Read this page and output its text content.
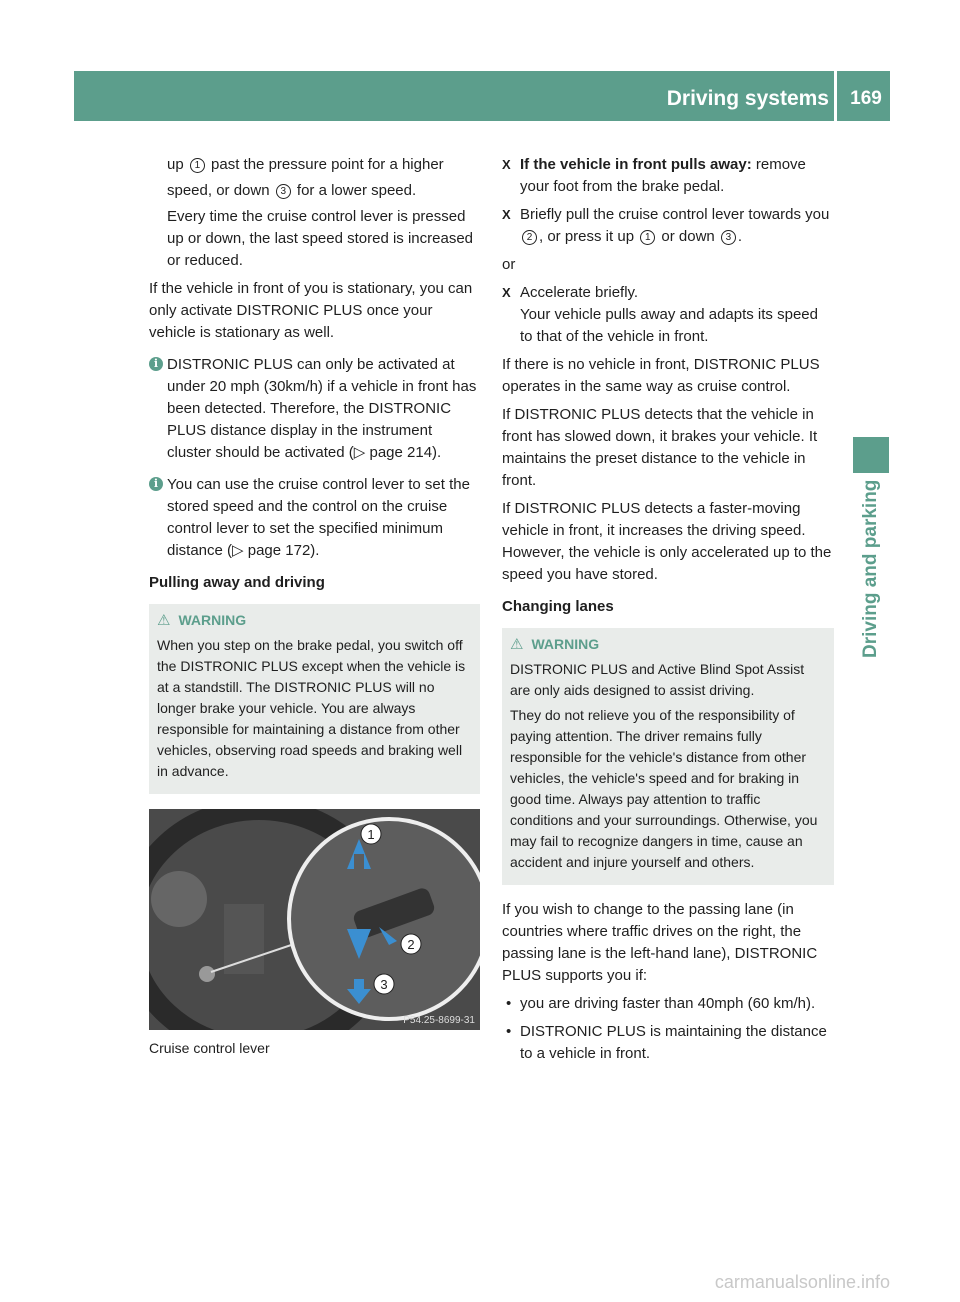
Driving systems	169
Driving and parking
up 1 past the pressure point for a higher
speed, or down 3 for a lower speed.

Every time the cruise control lever is pressed up or down, the last speed stored is increased or reduced.

If the vehicle in front of you is stationary, you can only activate DISTRONIC PLUS once your vehicle is stationary as well.

i DISTRONIC PLUS can only be activated at under 20 mph (30km/h) if a vehicle in front has been detected. Therefore, the DISTRONIC PLUS distance display in the instrument cluster should be activated (▷ page 214).
i You can use the cruise control lever to set the stored speed and the control on the cruise control lever to set the specified minimum distance (▷ page 172).
Pulling away and driving
⚠ WARNING

When you step on the brake pedal, you switch off the DISTRONIC PLUS except when the vehicle is at a standstill. The DISTRONIC PLUS will no longer brake your vehicle. You are always responsible for maintaining a distance from other vehicles, observing road speeds and braking well in advance.

1
2
3
P54.25-8699-31
Cruise control lever
X If the vehicle in front pulls away: remove your foot from the brake pedal.
X Briefly pull the cruise control lever towards you 2 , or press it up 1 or down 3 .

or

X Accelerate briefly.
Your vehicle pulls away and adapts its speed to that of the vehicle in front.

If there is no vehicle in front, DISTRONIC PLUS operates in the same way as cruise control.

If DISTRONIC PLUS detects that the vehicle in front has slowed down, it brakes your vehicle. It maintains the preset distance to the vehicle in front.

If DISTRONIC PLUS detects a faster-moving vehicle in front, it increases the driving speed. However, the vehicle is only accelerated up to the speed you have stored.

Changing lanes
⚠ WARNING

DISTRONIC PLUS and Active Blind Spot Assist are only aids designed to assist driving.

They do not relieve you of the responsibility of paying attention. The driver remains fully responsible for the vehicle's distance from other vehicles, the vehicle's speed and for braking in good time. Always pay attention to traffic conditions and your surroundings. Otherwise, you may fail to recognize dangers in time, cause an accident and injure yourself and others.

If you wish to change to the passing lane (in countries where traffic drives on the right, the passing lane is the left-hand lane), DISTRONIC PLUS supports you if:

• you are driving faster than 40mph (60 km/h).
• DISTRONIC PLUS is maintaining the distance to a vehicle in front.
carmanualsonline.info
